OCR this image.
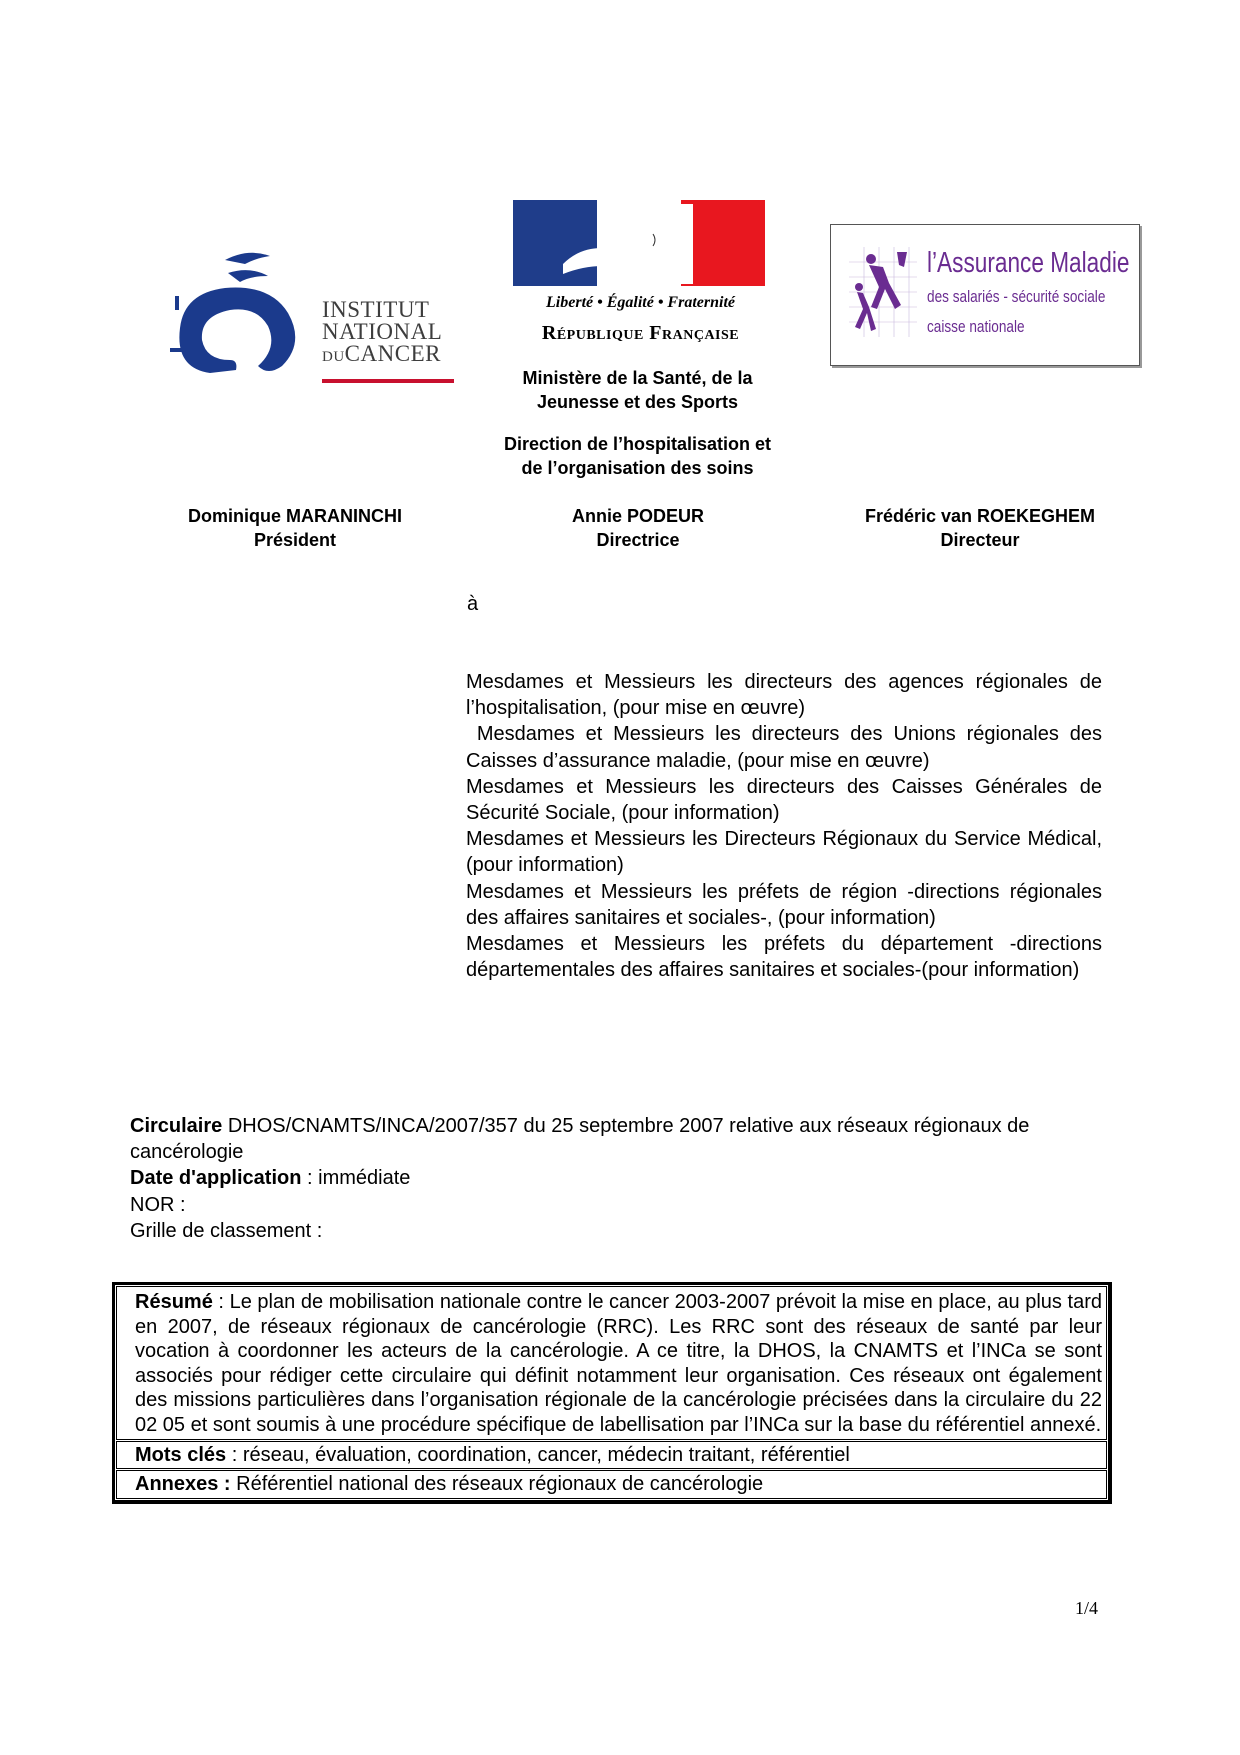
INSTITUT
NATIONAL
DUCANCER
Liberté • Égalité • Fraternité
République Française
l’Assurance Maladie
des salariés - sécurité sociale
caisse nationale
Ministère de la Santé, de la
Jeunesse et des Sports
Direction de l’hospitalisation et
de l’organisation des soins
Dominique MARANINCHI
Président
Annie PODEUR
Directrice
Frédéric van ROEKEGHEM
Directeur
à

Mesdames et Messieurs les directeurs des agences régionales de l’hospitalisation, (pour mise en œuvre)

Mesdames et Messieurs les directeurs des Unions régionales des Caisses d’assurance maladie, (pour mise en œuvre)

Mesdames et Messieurs les directeurs des Caisses Générales de Sécurité Sociale, (pour information)

Mesdames et Messieurs les Directeurs Régionaux du Service Médical,  (pour information)

Mesdames et Messieurs les préfets de région -directions régionales des affaires sanitaires et sociales-, (pour information)

Mesdames et Messieurs les préfets du département -directions départementales des affaires sanitaires et sociales-(pour information)

Circulaire DHOS/CNAMTS/INCA/2007/357 du 25 septembre 2007 relative aux réseaux régionaux de cancérologie

Date d'application : immédiate

NOR :

Grille de classement :

Résumé : Le plan de mobilisation nationale contre le cancer 2003-2007 prévoit la mise en place, au plus tard en 2007, de réseaux régionaux de cancérologie (RRC). Les RRC sont des réseaux de santé par leur vocation à coordonner les acteurs de la cancérologie. A ce titre, la DHOS, la CNAMTS et l’INCa se sont associés pour rédiger cette circulaire qui définit notamment leur organisation. Ces réseaux ont également des missions particulières dans l’organisation régionale de la cancérologie précisées dans la circulaire du 22 02 05 et sont soumis à une procédure spécifique de labellisation par l’INCa sur la base du référentiel annexé.
Mots clés : réseau, évaluation, coordination, cancer, médecin traitant, référentiel
Annexes : Référentiel national des réseaux régionaux de cancérologie
1/4
